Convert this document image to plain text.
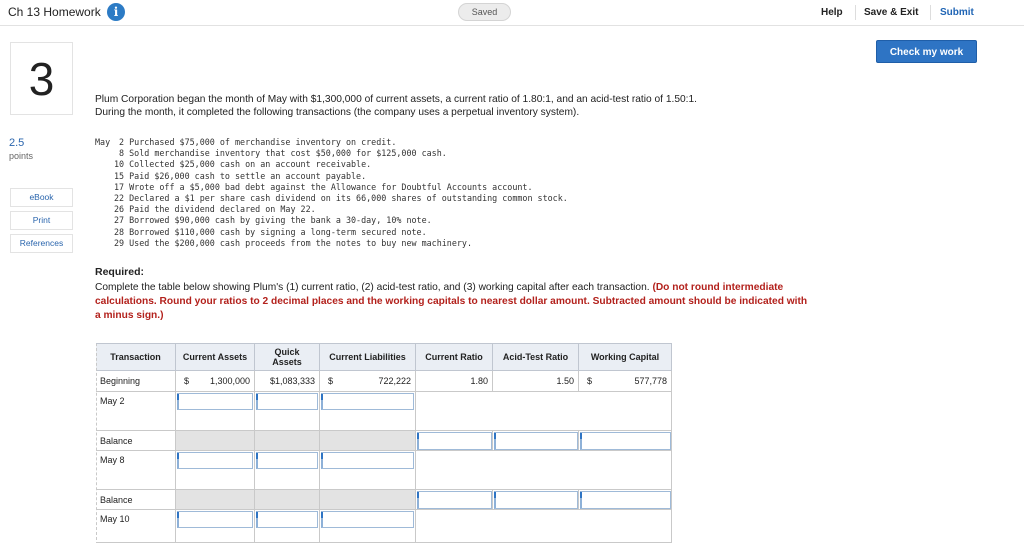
Ch 13 Homework	i	Saved	Help Save & Exit Submit
Check my work
3
2.5
points
eBook
Print
References

Plum Corporation began the month of May with $1,300,000 of current assets, a current ratio of 1.80:1, and an acid-test ratio of 1.50:1.

During the month, it completed the following transactions (the company uses a perpetual inventory system).

May 2 Purchased $75,000 of merchandise inventory on credit.
8 Sold merchandise inventory that cost $50,000 for $125,000 cash.
10 Collected $25,000 cash on an account receivable.
15 Paid $26,000 cash to settle an account payable.
17 Wrote off a $5,000 bad debt against the Allowance for Doubtful Accounts account.
22 Declared a $1 per share cash dividend on its 66,000 shares of outstanding common stock.
26 Paid the dividend declared on May 22.
27 Borrowed $90,000 cash by giving the bank a 30-day, 10% note.
28 Borrowed $110,000 cash by signing a long-term secured note.
29 Used the $200,000 cash proceeds from the notes to buy new machinery.
Required:
Complete the table below showing Plum's (1) current ratio, (2) acid-test ratio, and (3) working capital after each transaction. (Do not round intermediate calculations. Round your ratios to 2 decimal places and the working capitals to nearest dollar amount. Subtracted amount should be indicated with a minus sign.)
Transaction	Current Assets	Quick Assets	Current Liabilities	Current Ratio	Acid-Test Ratio	Working Capital
Beginning	$ 1,300,000	$1,083,333	$	722,222	1.80	1.50	$	577,778
May 2
Balance
May 8
Balance
May 10
